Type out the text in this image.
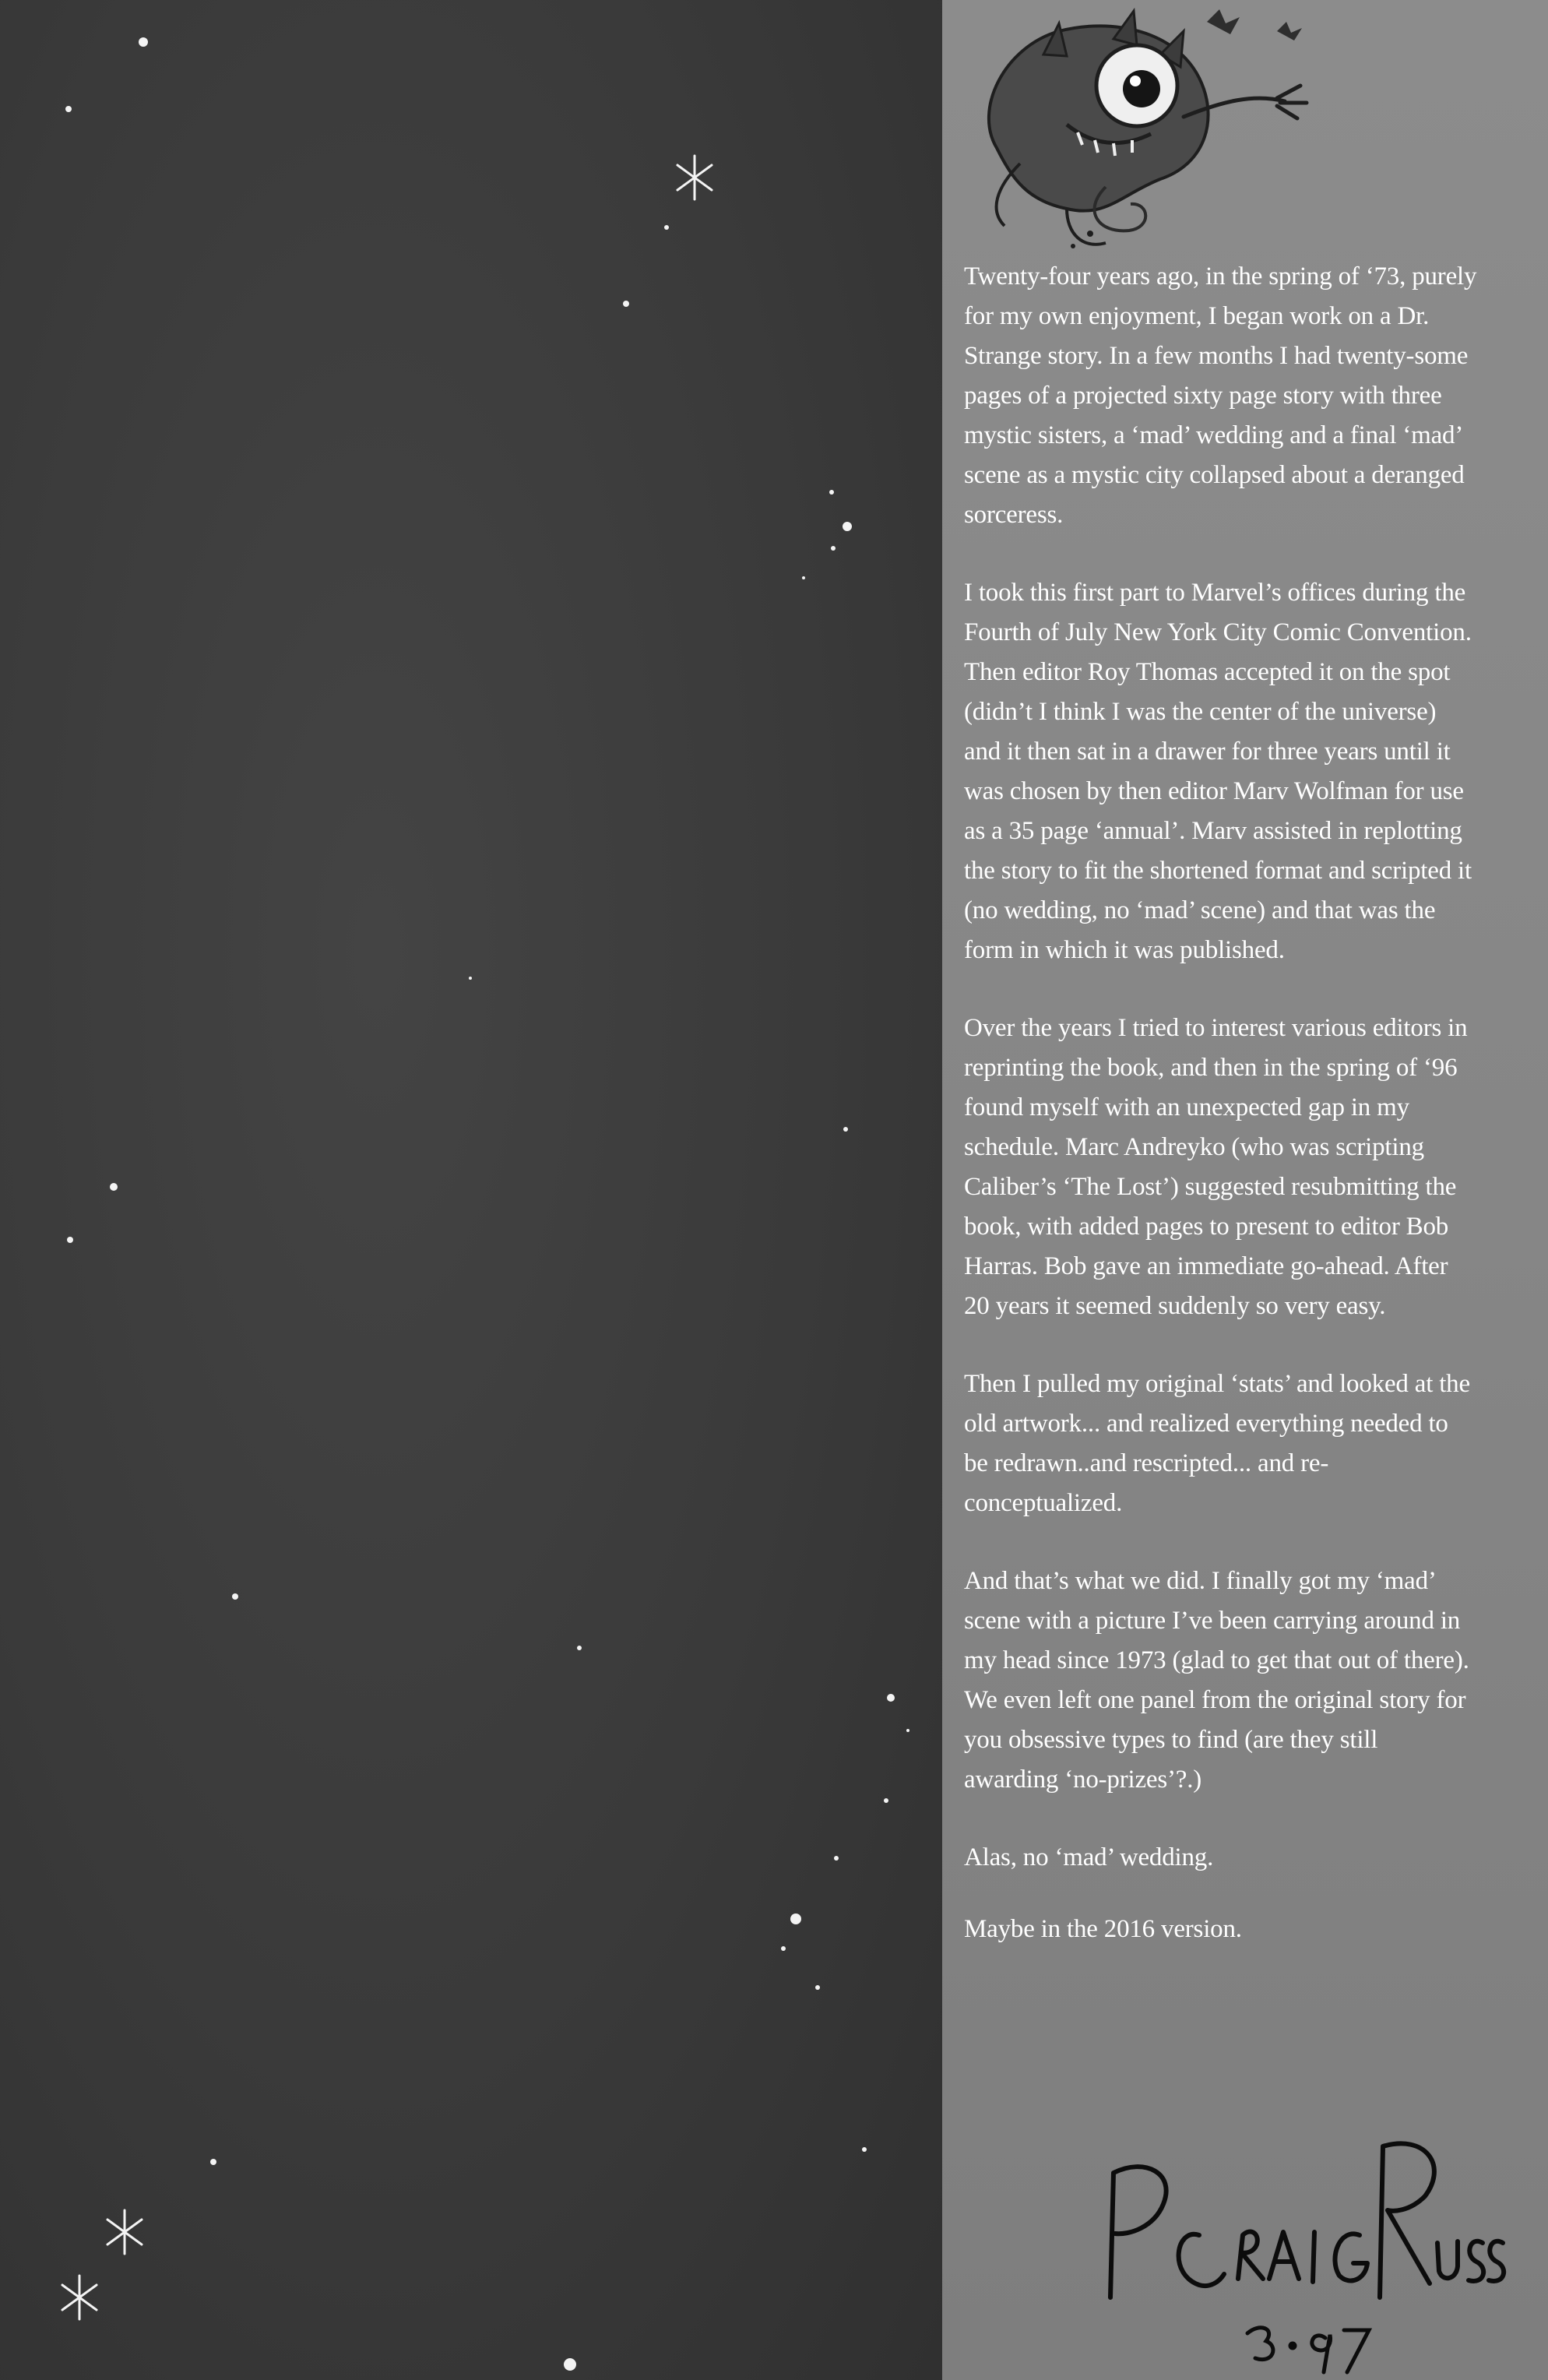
Twenty-four years ago, in the spring of ‘73, purely for my own enjoyment, I began work on a Dr. Strange story. In a few months I had twenty-some pages of a projected sixty page story with three mystic sisters, a ‘mad’ wedding and a final ‘mad’ scene as a mystic city collapsed about a deranged sorceress.

I took this first part to Marvel’s offices during the Fourth of July New York City Comic Convention. Then editor Roy Thomas accepted it on the spot (didn’t I think I was the center of the universe) and it then sat in a drawer for three years until it was chosen by then editor Marv Wolfman for use as a 35 page ‘annual’. Marv assisted in replotting the story to fit the shortened format and scripted it (no wedding, no ‘mad’ scene) and that was the form in which it was published.

Over the years I tried to interest various editors in reprinting the book, and then in the spring of ‘96 found myself with an unexpected gap in my schedule. Marc Andreyko (who was scripting Caliber’s ‘The Lost’) suggested resubmitting the book, with added pages to present to editor Bob Harras. Bob gave an immediate go-ahead. After 20 years it seemed suddenly so very easy.

Then I pulled my original ‘stats’ and looked at the old artwork... and realized everything needed to be redrawn..and rescripted... and re-conceptualized.

And that’s what we did. I finally got my ‘mad’ scene with a picture I’ve been carrying around in my head since 1973 (glad to get that out of there). We even left one panel from the original story for you obsessive types to find (are they still awarding ‘no-prizes’?.)

Alas, no ‘mad’ wedding.

Maybe in the 2016 version.
